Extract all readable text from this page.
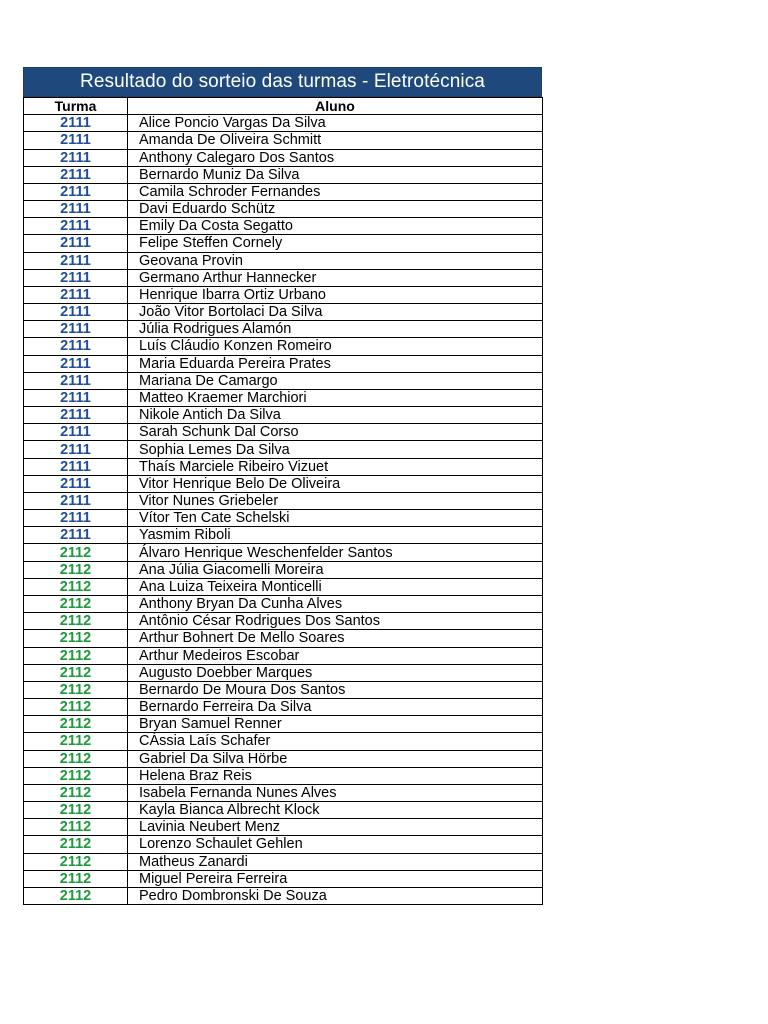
Resultado do sorteio das turmas - Eletrotécnica
Turma	Aluno
2111	Alice Poncio Vargas Da Silva
2111	Amanda De Oliveira Schmitt
2111	Anthony Calegaro Dos Santos
2111	Bernardo Muniz Da Silva
2111	Camila Schroder Fernandes
2111	Davi Eduardo Schütz
2111	Emily Da Costa Segatto
2111	Felipe Steffen Cornely
2111	Geovana Provin
2111	Germano Arthur Hannecker
2111	Henrique Ibarra Ortiz Urbano
2111	João Vitor Bortolaci Da Silva
2111	Júlia Rodrigues Alamón
2111	Luís Cláudio Konzen Romeiro
2111	Maria Eduarda Pereira Prates
2111	Mariana De Camargo
2111	Matteo Kraemer Marchiori
2111	Nikole Antich Da Silva
2111	Sarah Schunk Dal Corso
2111	Sophia Lemes Da Silva
2111	Thaís Marciele Ribeiro Vizuet
2111	Vitor Henrique Belo De Oliveira
2111	Vitor Nunes Griebeler
2111	Vítor Ten Cate Schelski
2111	Yasmim Riboli
2112	Álvaro Henrique Weschenfelder Santos
2112	Ana Júlia Giacomelli Moreira
2112	Ana Luiza Teixeira Monticelli
2112	Anthony Bryan Da Cunha Alves
2112	Antônio César Rodrigues Dos Santos
2112	Arthur Bohnert De Mello Soares
2112	Arthur Medeiros Escobar
2112	Augusto Doebber Marques
2112	Bernardo De Moura Dos Santos
2112	Bernardo Ferreira Da Silva
2112	Bryan Samuel Renner
2112	CÁssia Laís Schafer
2112	Gabriel Da Silva Hörbe
2112	Helena Braz Reis
2112	Isabela Fernanda Nunes Alves
2112	Kayla Bianca Albrecht Klock
2112	Lavinia Neubert Menz
2112	Lorenzo Schaulet Gehlen
2112	Matheus Zanardi
2112	Miguel Pereira Ferreira
2112	Pedro Dombronski De Souza
